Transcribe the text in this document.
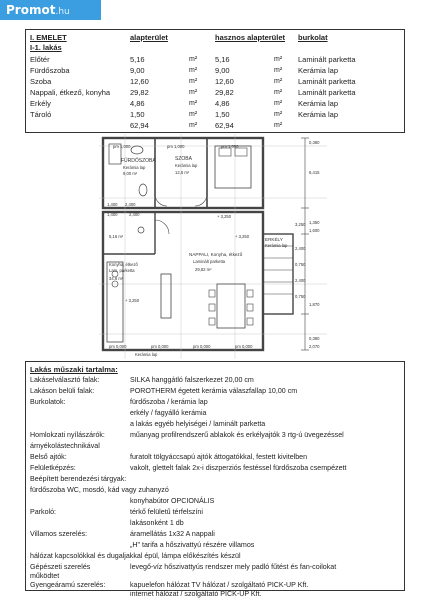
Promot.hu
I. EMELET	alapterület	hasznos alapterület burkolat
I-1. lakás
Előtér	5,16	m² 5,16	m² Laminált parketta
Fürdőszoba	9,00	m² 9,00	m² Kerámia lap
Szoba	12,60	m² 12,60	m² Laminált parketta
Nappali, étkező, konyha	29,82	m² 29,82	m² Laminált parketta
Erkély	4,86	m² 4,86	m² Kerámia lap
Tároló	1,50	m² 1,50	m² Kerámia lap
62,94	m² 62,94	m²
pm 1,000	pm 1,000	pm 1,000
FÜRDŐSZOBA
Kerámia lap
9,00 m²
SZOBA
Kerámia lap
12,6 m²
1,400 2,400
1,400	2,400	+ 3,250
NAPPALI, Konyha, étkező
Laminált parketta
29,82 m²
Konyha, étkező
Lam. parketta
34,6 m²
5,16 m²
+ 3,250
+ 3,250
ERKÉLY
Kerámia lap
Kerámia lap
0,380
6,415
1,350
1,600
3,250
2,400
0,750
2,400
0,750
1,870
0,380
2,070
pm 0,000	pm 0,000	pm 0,000	pm 0,000
Lakás műszaki tartalma:
Lakáselválasztó falak:	SILKA hanggátló falszerkezet 20,00 cm
Lakáson belüli falak:	POROTHERM égetett kerámia válaszfallap 10,00 cm
Burkolatok:	fürdőszoba / kerámia lap
erkély / fagyálló kerámia
a lakás egyéb helyiségei / laminált parketta
Homlokzati nyílászárók:	műanyag profilrendszerű ablakok és erkélyajtók 3 rtg-ú üvegezéssel
árnyékolástechnikával
Belső ajtók:	furatolt tölgyáccsapú ajtók áttogatókkal, festett kivitelben
Felületképzés:	vakolt, glettelt falak 2x-i diszperziós festéssel fürdőszoba csempézett
Beépített berendezési tárgyak:
fürdőszoba WC, mosdó, kád vagy zuhanyzó
konyhabútor OPCIONÁLIS
Parkoló:	térkő felületű térfelszíni
lakásonként 1 db
Villamos szerelés:	áramellátás 1x32 A nappali
„H" tarifa a hőszivattyú részére villamos
hálózat kapcsolókkal és dugaljakkal épül, lámpa előkészítés készül
Gépészeti szerelés	levegő-víz hőszivattyús rendszer mely padló fűtést és fan-coilokat
működtet
Gyengeáramú szerelés:	kapuelefon hálózat TV hálózat / szolgáltató PICK-UP Kft.
internet hálózat / szolgáltató PICK-UP Kft.
